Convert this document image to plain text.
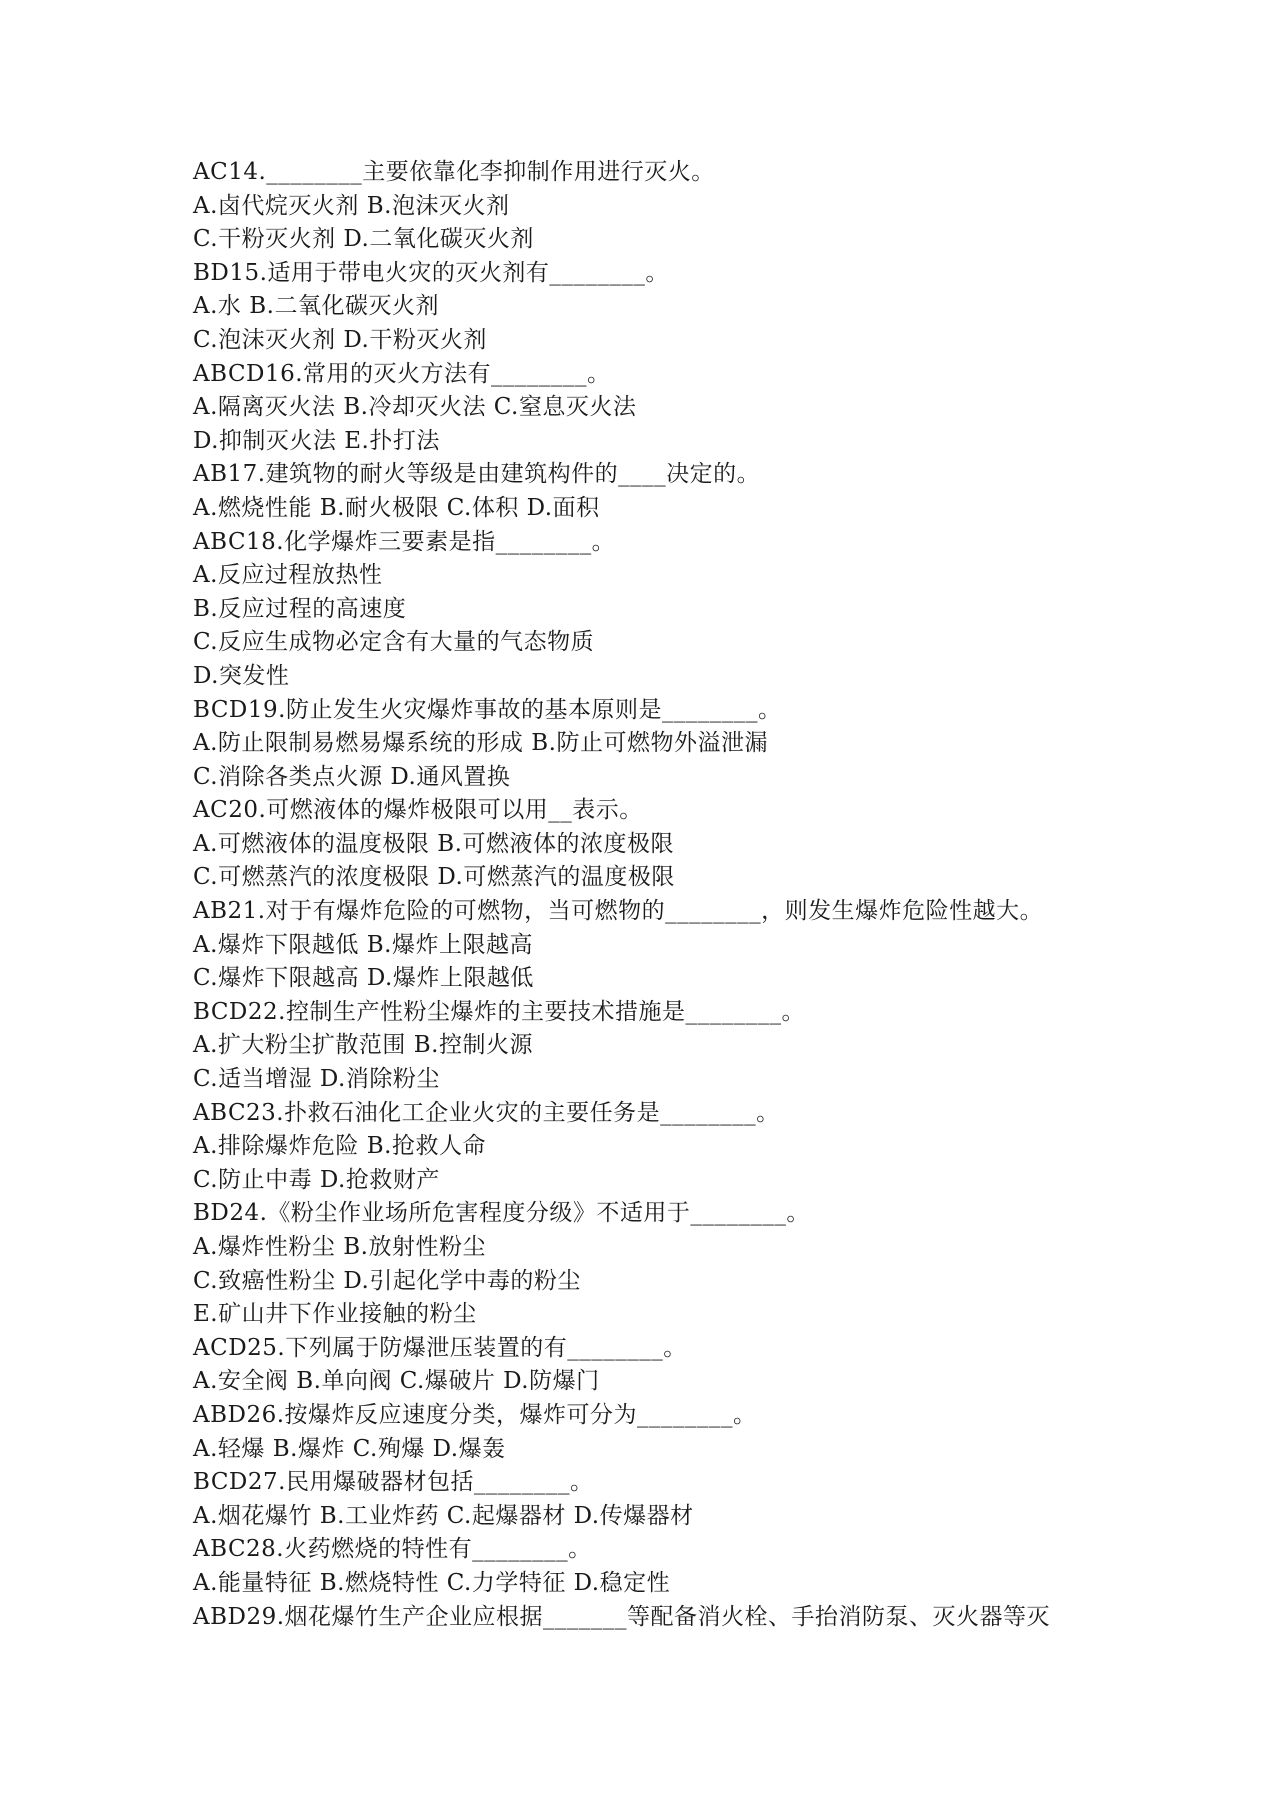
AC14.________主要依靠化李抑制作用进行灭火。
A.卤代烷灭火剂 B.泡沫灭火剂
C.干粉灭火剂 D.二氧化碳灭火剂
BD15.适用于带电火灾的灭火剂有________。
A.水 B.二氧化碳灭火剂
C.泡沫灭火剂 D.干粉灭火剂
ABCD16.常用的灭火方法有________。
A.隔离灭火法 B.冷却灭火法 C.窒息灭火法
D.抑制灭火法 E.扑打法
AB17.建筑物的耐火等级是由建筑构件的____决定的。
A.燃烧性能 B.耐火极限 C.体积 D.面积
ABC18.化学爆炸三要素是指________。
A.反应过程放热性
B.反应过程的高速度
C.反应生成物必定含有大量的气态物质
D.突发性
BCD19.防止发生火灾爆炸事故的基本原则是________。
A.防止限制易燃易爆系统的形成 B.防止可燃物外溢泄漏
C.消除各类点火源 D.通风置换
AC20.可燃液体的爆炸极限可以用__表示。
A.可燃液体的温度极限 B.可燃液体的浓度极限
C.可燃蒸汽的浓度极限 D.可燃蒸汽的温度极限
AB21.对于有爆炸危险的可燃物，当可燃物的________，则发生爆炸危险性越大。
A.爆炸下限越低 B.爆炸上限越高
C.爆炸下限越高 D.爆炸上限越低
BCD22.控制生产性粉尘爆炸的主要技术措施是________。
A.扩大粉尘扩散范围 B.控制火源
C.适当增湿 D.消除粉尘
ABC23.扑救石油化工企业火灾的主要任务是________。
A.排除爆炸危险 B.抢救人命
C.防止中毒 D.抢救财产
BD24.《粉尘作业场所危害程度分级》不适用于________。
A.爆炸性粉尘 B.放射性粉尘
C.致癌性粉尘 D.引起化学中毒的粉尘
E.矿山井下作业接触的粉尘
ACD25.下列属于防爆泄压装置的有________。
A.安全阀 B.单向阀 C.爆破片 D.防爆门
ABD26.按爆炸反应速度分类，爆炸可分为________。
A.轻爆 B.爆炸 C.殉爆 D.爆轰
BCD27.民用爆破器材包括________。
A.烟花爆竹 B.工业炸药 C.起爆器材 D.传爆器材
ABC28.火药燃烧的特性有________。
A.能量特征 B.燃烧特性 C.力学特征 D.稳定性
ABD29.烟花爆竹生产企业应根据_______等配备消火栓、手抬消防泵、灭火器等灭
